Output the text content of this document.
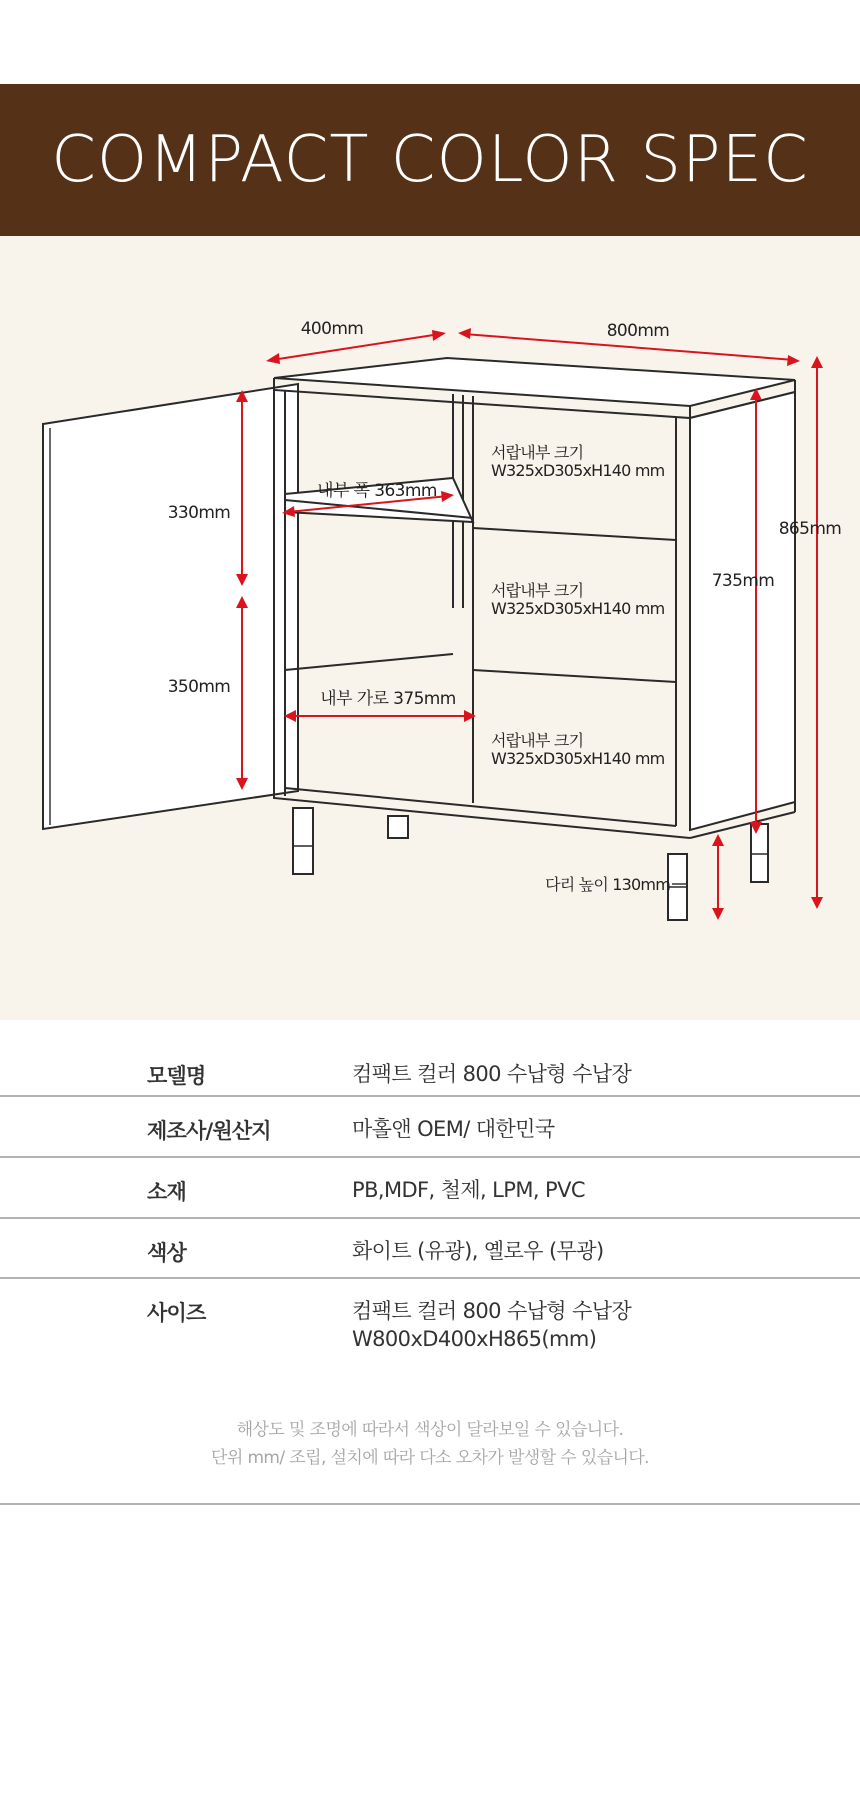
COMPACT COLOR SPEC
400mm	800mm
865mm
735mm
330mm
350mm
내부 폭 363mm
내부 가로 375mm
서랍내부 크기
W325xD305xH140 mm
서랍내부 크기
W325xD305xH140 mm
서랍내부 크기
W325xD305xH140 mm
다리 높이 130mm
모델명	컴팩트 컬러 800 수납형 수납장
제조사/원산지	마홀앤 OEM/ 대한민국
소재	PB,MDF, 철제, LPM, PVC
색상	화이트 (유광), 옐로우 (무광)
사이즈	컴팩트 컬러 800 수납형 수납장
W800xD400xH865(mm)
해상도 및 조명에 따라서 색상이 달라보일 수 있습니다.
단위 mm/ 조립, 설치에 따라 다소 오차가 발생할 수 있습니다.
